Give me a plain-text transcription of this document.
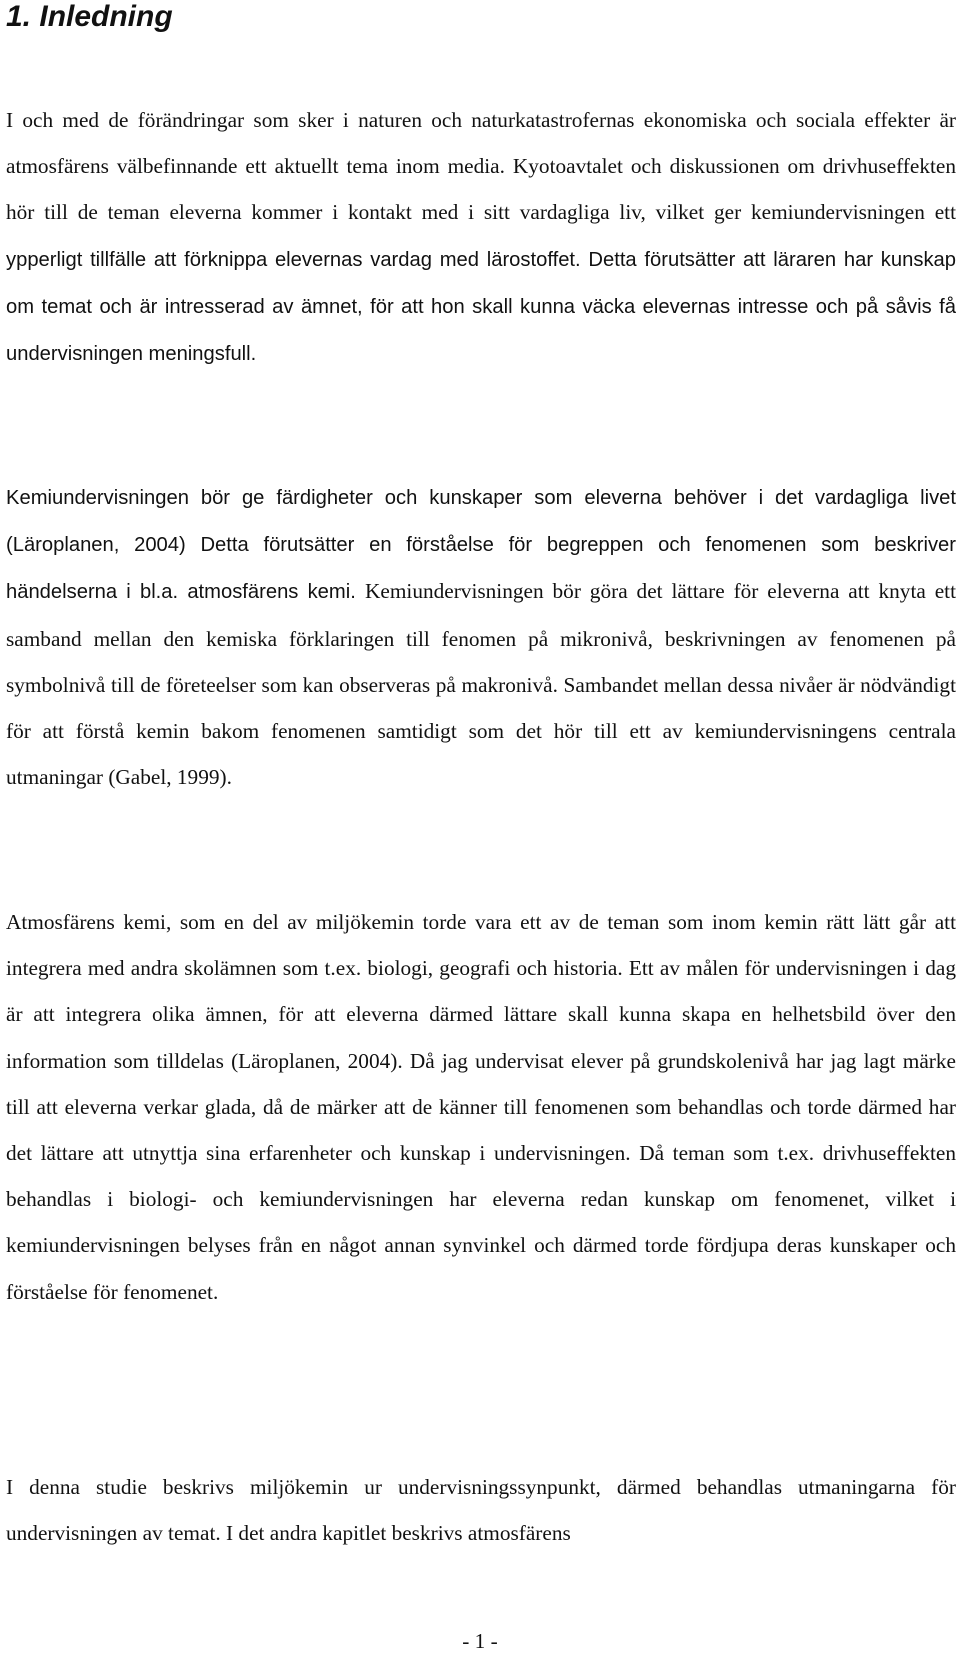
1. Inledning

I och med de förändringar som sker i naturen och naturkatastrofernas ekonomiska och sociala effekter är atmosfärens välbefinnande ett aktuellt tema inom media. Kyotoavtalet och diskussionen om drivhuseffekten hör till de teman eleverna kommer i kontakt med i sitt vardagliga liv, vilket ger kemiundervisningen ett ypperligt tillfälle att förknippa elevernas vardag med lärostoffet. Detta förutsätter att läraren har kunskap om temat och är intresserad av ämnet, för att hon skall kunna väcka elevernas intresse och på såvis få undervisningen meningsfull.

Kemiundervisningen bör ge färdigheter och kunskaper som eleverna behöver i det vardagliga livet (Läroplanen, 2004) Detta förutsätter en förståelse för begreppen och fenomenen som beskriver händelserna i bl.a. atmosfärens kemi. Kemiundervisningen bör göra det lättare för eleverna att knyta ett samband mellan den kemiska förklaringen till fenomen på mikronivå, beskrivningen av fenomenen på symbolnivå till de företeelser som kan observeras på makronivå. Sambandet mellan dessa nivåer är nödvändigt för att förstå kemin bakom fenomenen samtidigt som det hör till ett av kemiundervisningens centrala utmaningar (Gabel, 1999).

Atmosfärens kemi, som en del av miljökemin torde vara ett av de teman som inom kemin rätt lätt går att integrera med andra skolämnen som t.ex. biologi, geografi och historia. Ett av målen för undervisningen i dag är att integrera olika ämnen, för att eleverna därmed lättare skall kunna skapa en helhetsbild över den information som tilldelas (Läroplanen, 2004). Då jag undervisat elever på grundskolenivå har jag lagt märke till att eleverna verkar glada, då de märker att de känner till fenomenen som behandlas och torde därmed har det lättare att utnyttja sina erfarenheter och kunskap i undervisningen. Då teman som t.ex. drivhuseffekten behandlas i biologi- och kemiundervisningen har eleverna redan kunskap om fenomenet, vilket i kemiundervisningen belyses från en något annan synvinkel och därmed torde fördjupa deras kunskaper och förståelse för fenomenet.

I denna studie beskrivs miljökemin ur undervisningssynpunkt, därmed behandlas utmaningarna för undervisningen av temat. I det andra kapitlet beskrivs atmosfärens

- 1 -
